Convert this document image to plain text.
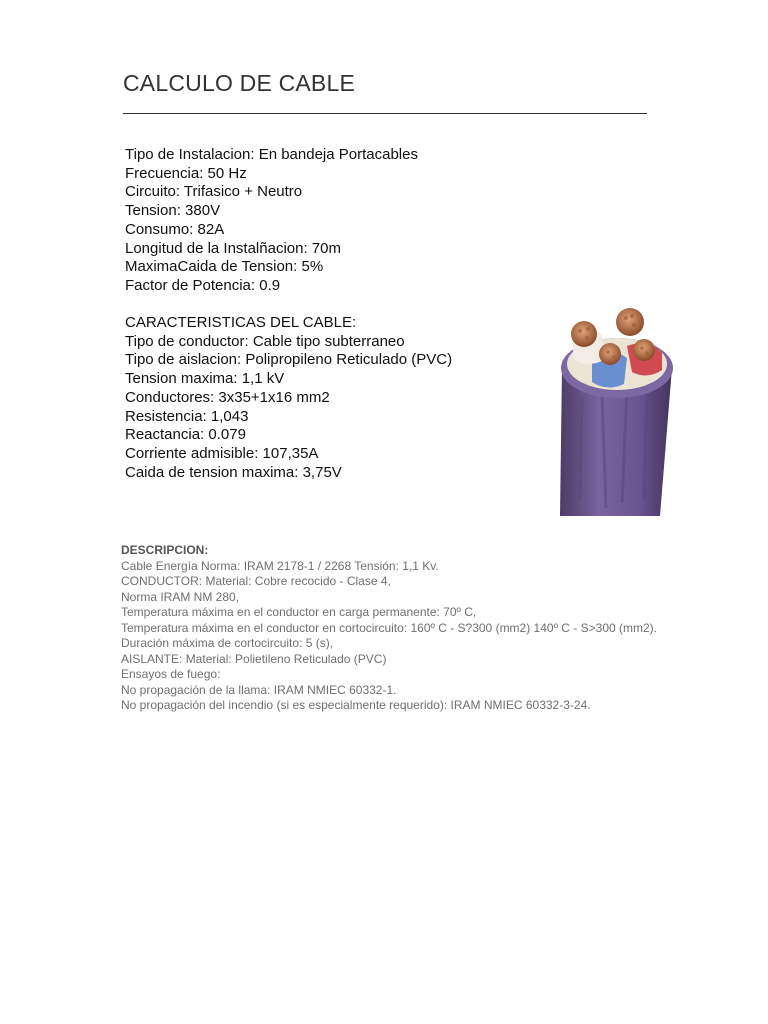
CALCULO DE CABLE
Tipo de Instalacion: En bandeja Portacables
Frecuencia: 50 Hz
Circuito: Trifasico + Neutro
Tension: 380V
Consumo: 82A
Longitud de la Instalñacion: 70m
MaximaCaida de Tension: 5%
Factor de Potencia: 0.9
CARACTERISTICAS DEL CABLE:
Tipo de conductor: Cable tipo subterraneo
Tipo de aislacion: Polipropileno Reticulado (PVC)
Tension maxima: 1,1 kV
Conductores: 3x35+1x16 mm2
Resistencia: 1,043
Reactancia: 0.079
Corriente admisible: 107,35A
Caida de tension maxima: 3,75V
DESCRIPCION:
Cable Energía Norma: IRAM 2178-1 / 2268 Tensión: 1,1 Kv.
CONDUCTOR: Material: Cobre recocido - Clase 4,
Norma IRAM NM 280,
Temperatura máxima en el conductor en carga permanente: 70º C,
Temperatura máxima en el conductor en cortocircuito: 160º C - S?300 (mm2) 140º C - S>300 (mm2).
Duración máxima de cortocircuito: 5 (s),
AISLANTE: Material: Polietileno Reticulado (PVC)
Ensayos de fuego:
No propagación de la llama: IRAM NMIEC 60332-1.
No propagación del incendio (si es especialmente requerido): IRAM NMIEC 60332-3-24.
